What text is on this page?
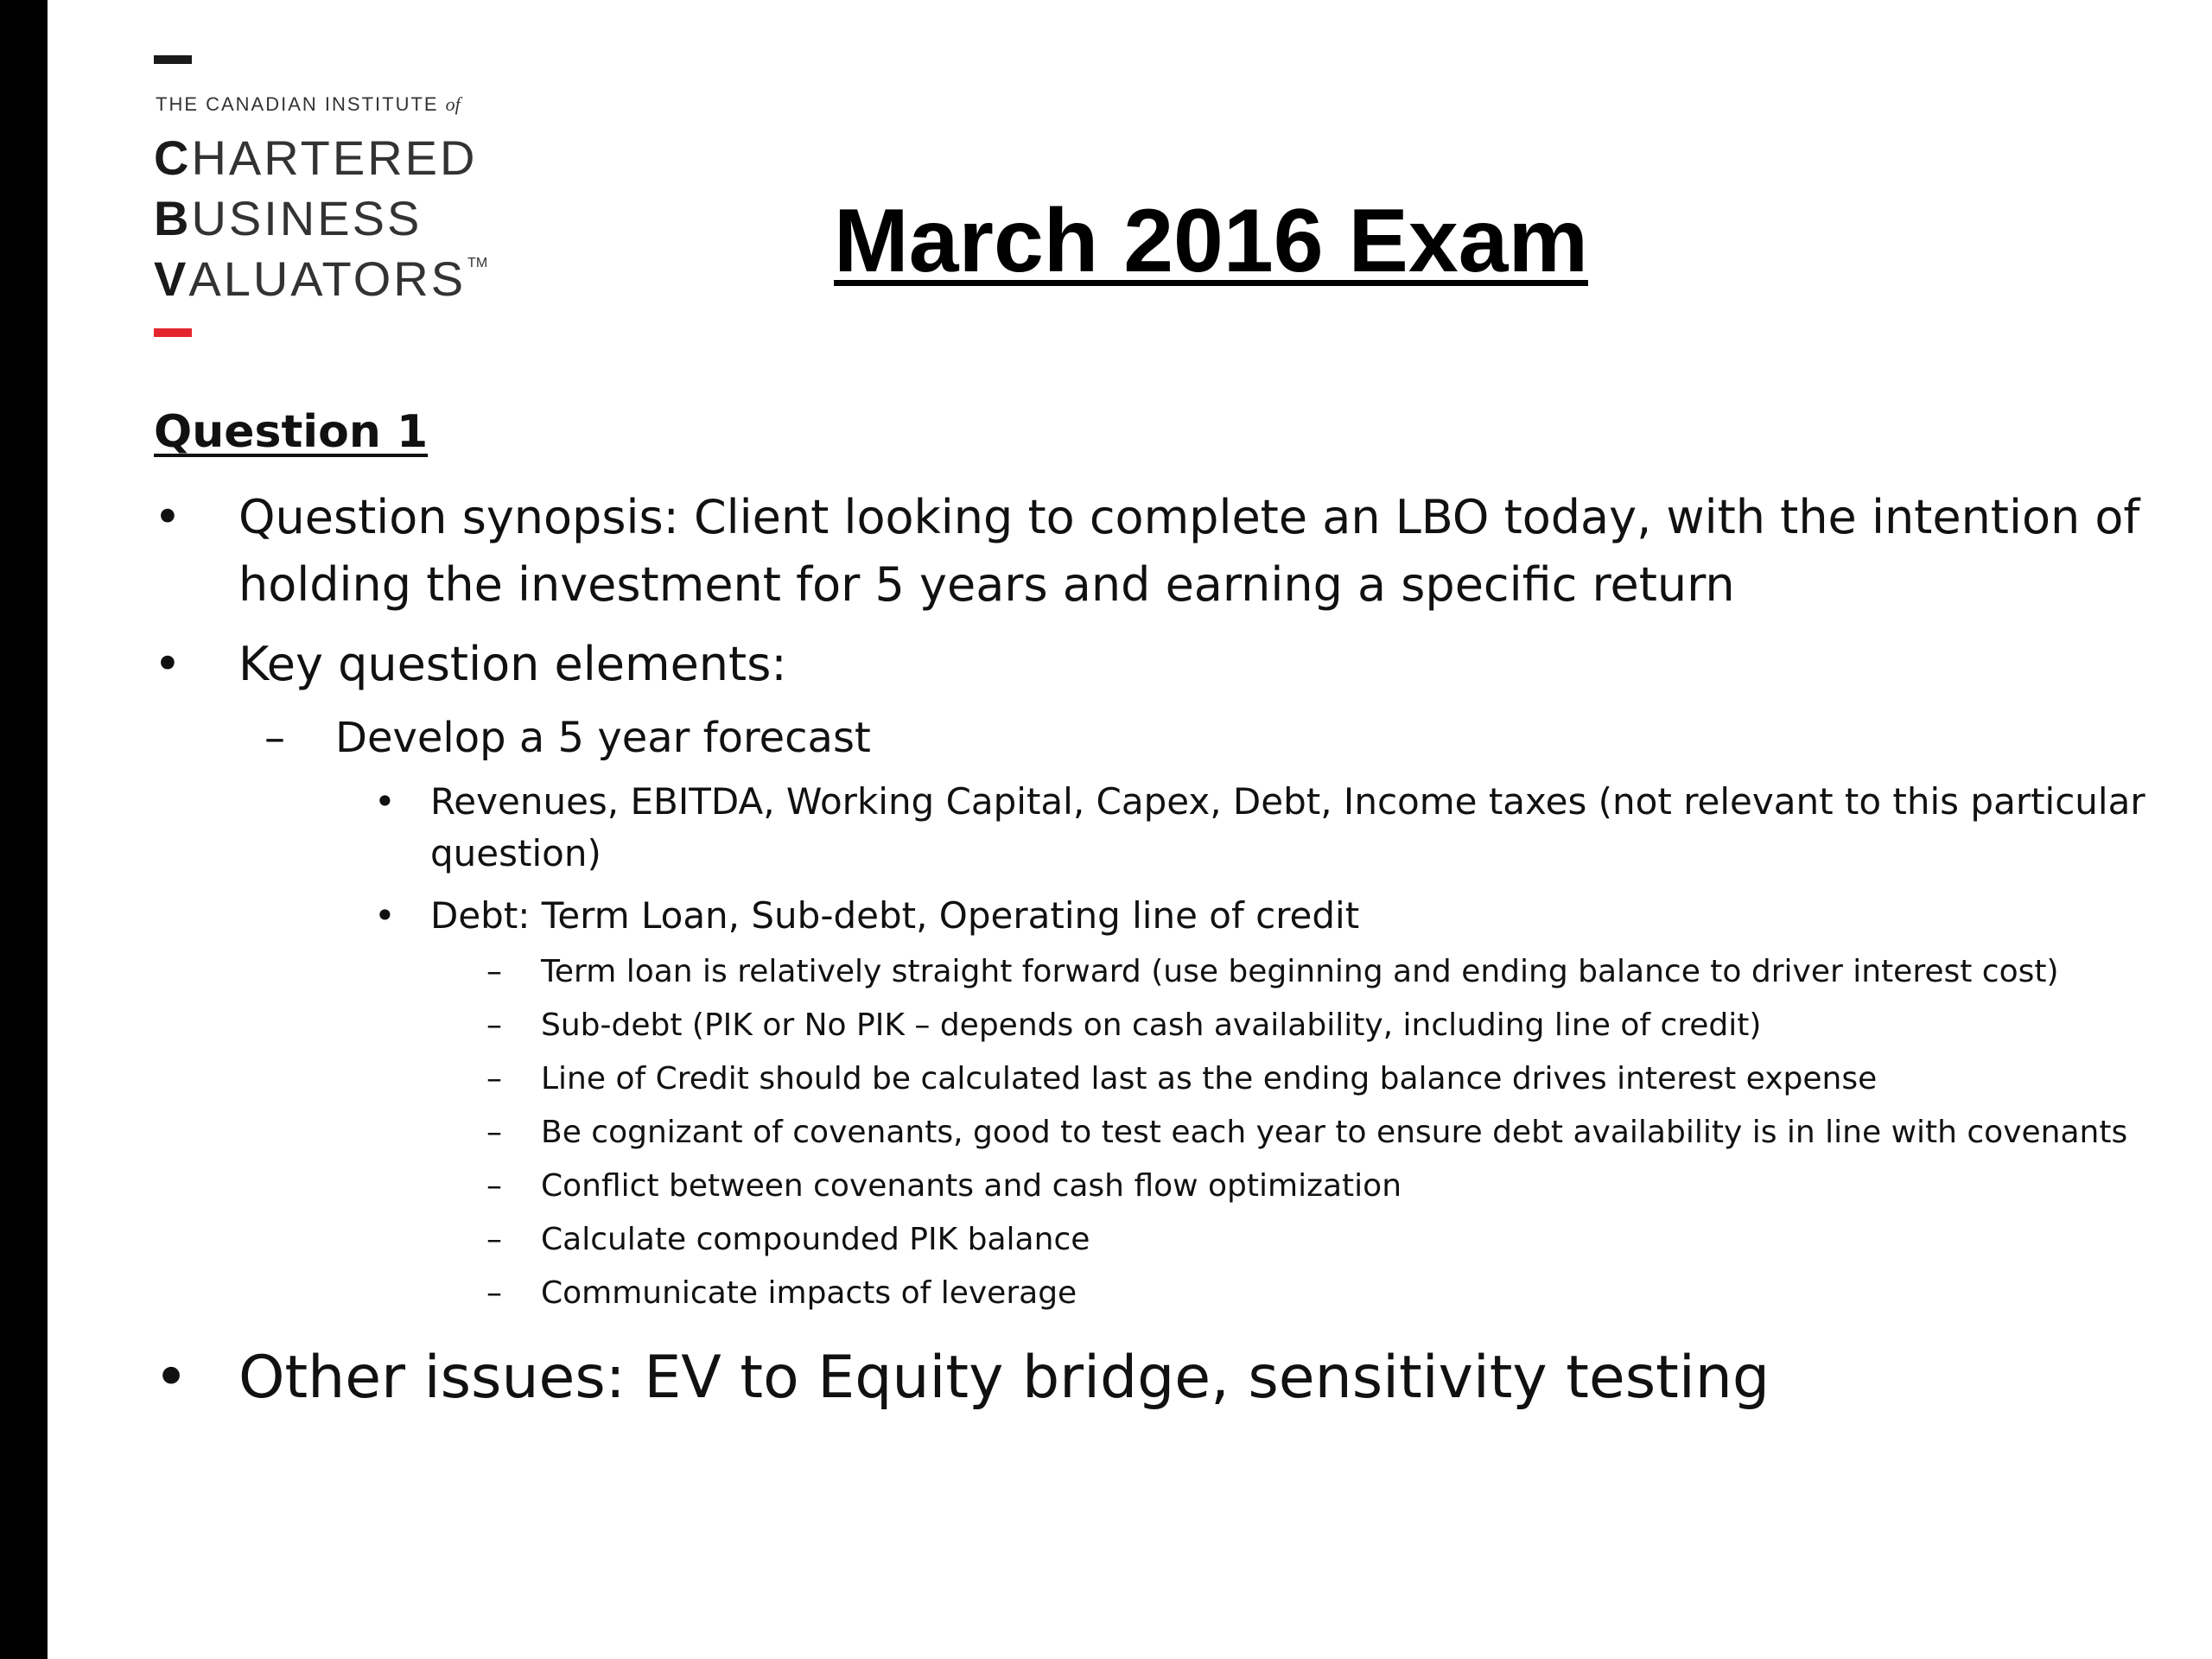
THE CANADIAN INSTITUTE of
CHARTERED
BUSINESS
VALUATORS ™	March 2016 Exam
Question 1
• Question synopsis: Client looking to complete an LBO today, with the intention of
holding the investment for 5 years and earning a specific return
• Key question elements:
– Develop a 5 year forecast
• Revenues, EBITDA, Working Capital, Capex, Debt, Income taxes (not relevant to this particular
question)
• Debt: Term Loan, Sub-debt, Operating line of credit
– Term loan is relatively straight forward (use beginning and ending balance to driver interest cost)
– Sub-debt (PIK or No PIK – depends on cash availability, including line of credit)
– Line of Credit should be calculated last as the ending balance drives interest expense
– Be cognizant of covenants, good to test each year to ensure debt availability is in line with covenants
– Conflict between covenants and cash flow optimization
– Calculate compounded PIK balance
– Communicate impacts of leverage
• Other issues: EV to Equity bridge, sensitivity testing
